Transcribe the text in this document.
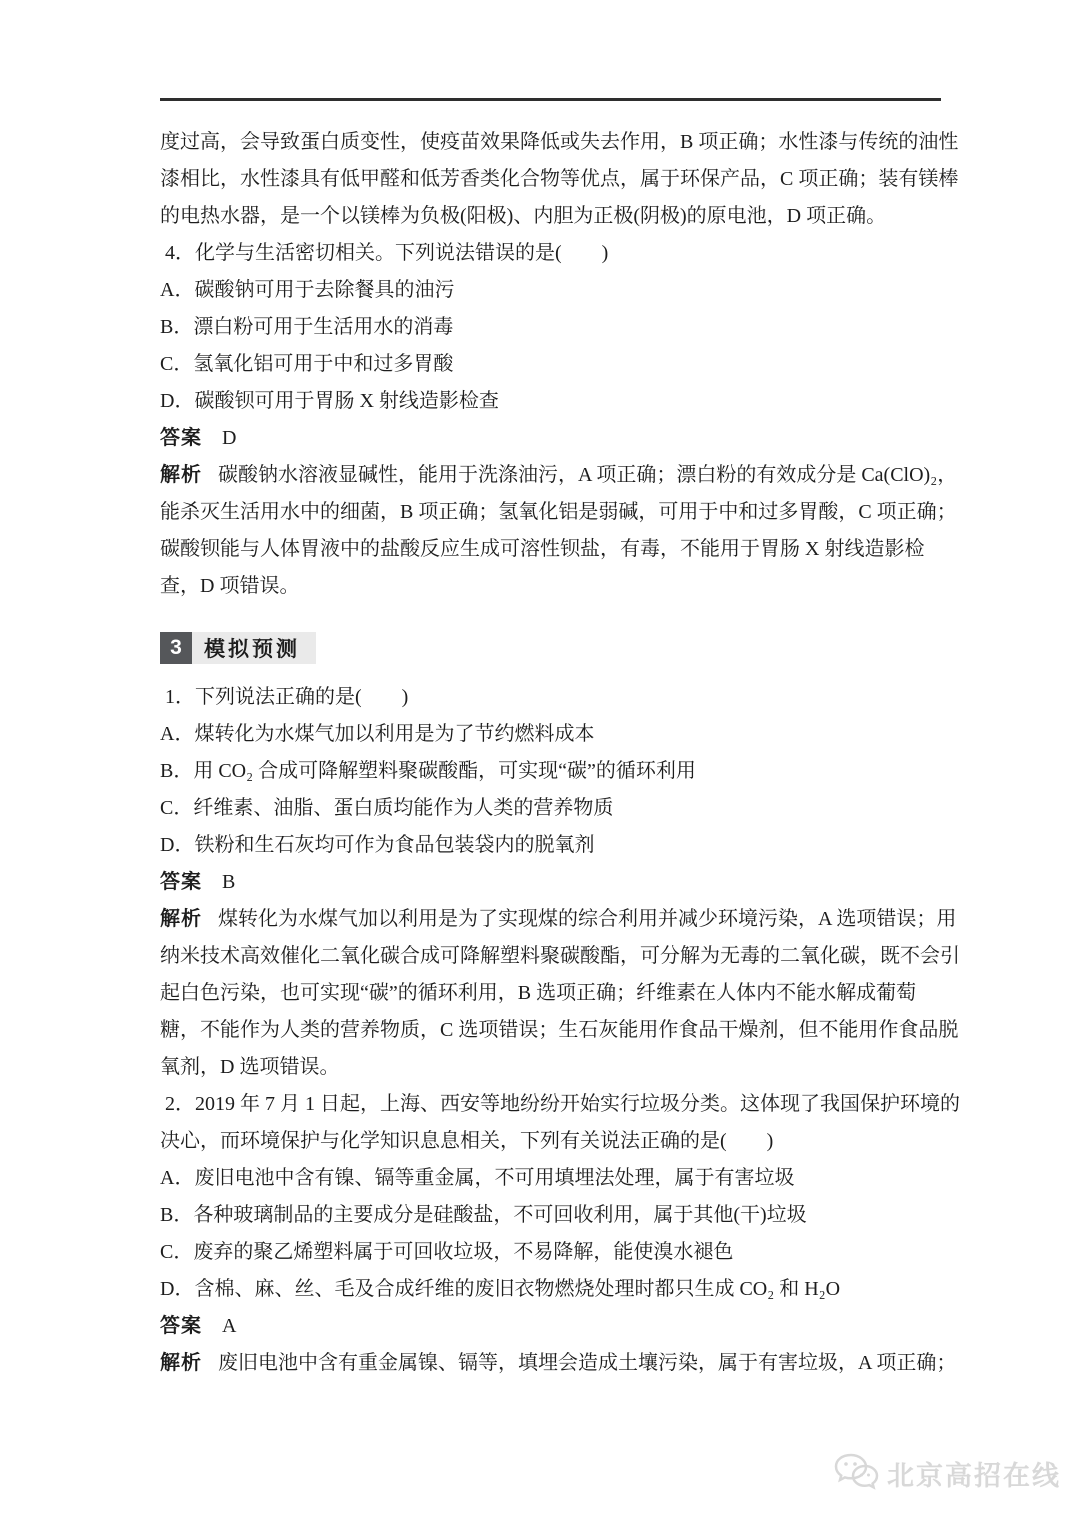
度过高，会导致蛋白质变性，使疫苗效果降低或失去作用，B 项正确；水性漆与传统的油性
漆相比，水性漆具有低甲醛和低芳香类化合物等优点，属于环保产品，C 项正确；装有镁棒
的电热水器，是一个以镁棒为负极(阳极)、内胆为正极(阴极)的原电池，D 项正确。
4．化学与生活密切相关。下列说法错误的是(　　)
A．碳酸钠可用于去除餐具的油污
B．漂白粉可用于生活用水的消毒
C．氢氧化铝可用于中和过多胃酸
D．碳酸钡可用于胃肠 X 射线造影检查
答案 D
解析 碳酸钠水溶液显碱性，能用于洗涤油污，A 项正确；漂白粉的有效成分是 Ca(ClO)₂，
能杀灭生活用水中的细菌，B 项正确；氢氧化铝是弱碱，可用于中和过多胃酸，C 项正确；
碳酸钡能与人体胃液中的盐酸反应生成可溶性钡盐，有毒，不能用于胃肠 X 射线造影检
查，D 项错误。
3	模拟预测
1．下列说法正确的是(　　)
A．煤转化为水煤气加以利用是为了节约燃料成本
B．用 CO₂ 合成可降解塑料聚碳酸酯，可实现“碳”的循环利用
C．纤维素、油脂、蛋白质均能作为人类的营养物质
D．铁粉和生石灰均可作为食品包装袋内的脱氧剂
答案 B
解析 煤转化为水煤气加以利用是为了实现煤的综合利用并减少环境污染，A 选项错误；用
纳米技术高效催化二氧化碳合成可降解塑料聚碳酸酯，可分解为无毒的二氧化碳，既不会引
起白色污染，也可实现“碳”的循环利用，B 选项正确；纤维素在人体内不能水解成葡萄
糖，不能作为人类的营养物质，C 选项错误；生石灰能用作食品干燥剂，但不能用作食品脱
氧剂，D 选项错误。
2．2019 年 7 月 1 日起，上海、西安等地纷纷开始实行垃圾分类。这体现了我国保护环境的
决心，而环境保护与化学知识息息相关，下列有关说法正确的是(　　)
A．废旧电池中含有镍、镉等重金属，不可用填埋法处理，属于有害垃圾
B．各种玻璃制品的主要成分是硅酸盐，不可回收利用，属于其他(干)垃圾
C．废弃的聚乙烯塑料属于可回收垃圾，不易降解，能使溴水褪色
D．含棉、麻、丝、毛及合成纤维的废旧衣物燃烧处理时都只生成 CO₂ 和 H₂O
答案 A
解析 废旧电池中含有重金属镍、镉等，填埋会造成土壤污染，属于有害垃圾，A 项正确；
北京高招在线
